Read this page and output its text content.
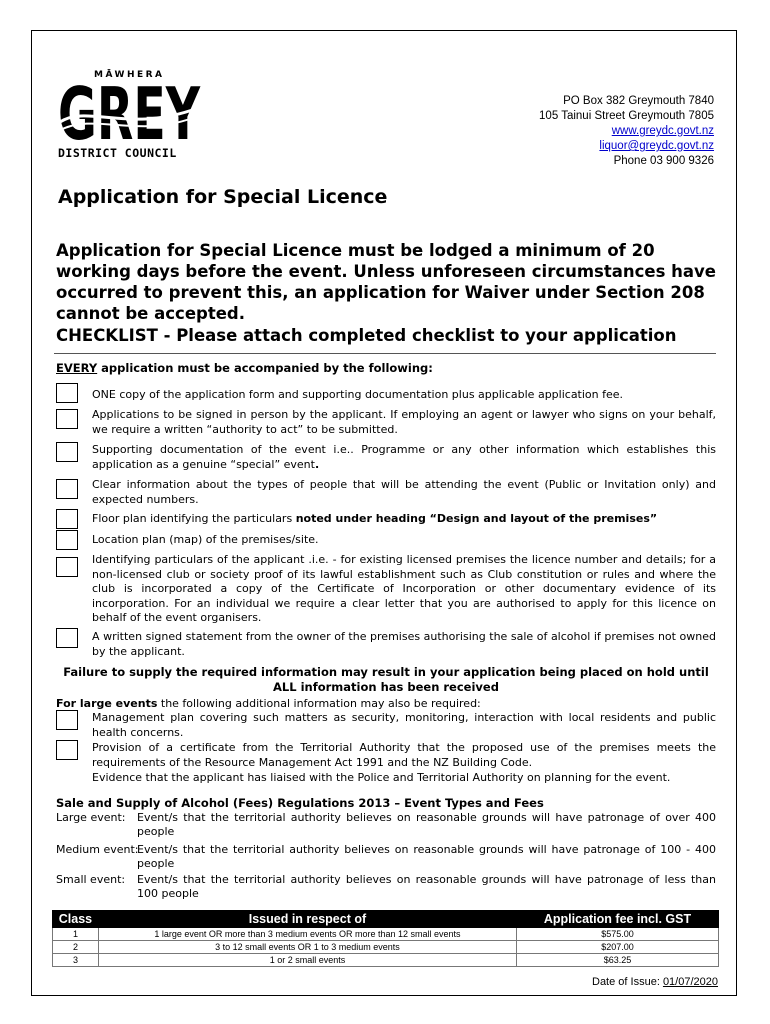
MĀWHERA
GREY
DISTRICT COUNCIL
PO Box 382 Greymouth 7840
105 Tainui Street Greymouth 7805
www.greydc.govt.nz
liquor@greydc.govt.nz
Phone 03 900 9326
Application for Special Licence

Application for Special Licence must be lodged a minimum of 20 working days before the event. Unless unforeseen circumstances have occurred to prevent this, an application for Waiver under Section 208 cannot be accepted.

CHECKLIST - Please attach completed checklist to your application

EVERY application must be accompanied by the following:
ONE copy of the application form and supporting documentation plus applicable application fee.
Applications to be signed in person by the applicant. If employing an agent or lawyer who signs on your behalf, we require a written “authority to act” to be submitted.
Supporting documentation of the event i.e.. Programme or any other information which establishes this application as a genuine “special” event.
Clear information about the types of people that will be attending the event (Public or Invitation only) and expected numbers.
Floor plan identifying the particulars noted under heading “Design and layout of the premises”
Location plan (map) of the premises/site.
Identifying particulars of the applicant .i.e. - for existing licensed premises the licence number and details; for a non-licensed club or society proof of its lawful establishment such as Club constitution or rules and where the club is incorporated a copy of the Certificate of Incorporation or other documentary evidence of its incorporation. For an individual we require a clear letter that you are authorised to apply for this licence on behalf of the event organisers.
A written signed statement from the owner of the premises authorising the sale of alcohol if premises not owned by the applicant.
Failure to supply the required information may result in your application being placed on hold until ALL information has been received
For large events the following additional information may also be required:
Management plan covering such matters as security, monitoring, interaction with local residents and public health concerns.
Provision of a certificate from the Territorial Authority that the proposed use of the premises meets the requirements of the Resource Management Act 1991 and the NZ Building Code.
Evidence that the applicant has liaised with the Police and Territorial Authority on planning for the event.
Sale and Supply of Alcohol (Fees) Regulations 2013 – Event Types and Fees
Large event: Event/s that the territorial authority believes on reasonable grounds will have patronage of over 400 people
Medium event:
Event/s that the territorial authority believes on reasonable grounds will have patronage of 100 - 400 people
Small event: Event/s that the territorial authority believes on reasonable grounds will have patronage of less than 100 people
Class	Issued in respect of	Application fee incl. GST
1	1 large event OR more than 3 medium events OR more than 12 small events	$575.00
2	3 to 12 small events OR 1 to 3 medium events	$207.00
3	1 or 2 small events	$63.25
Date of Issue: 01/07/2020
